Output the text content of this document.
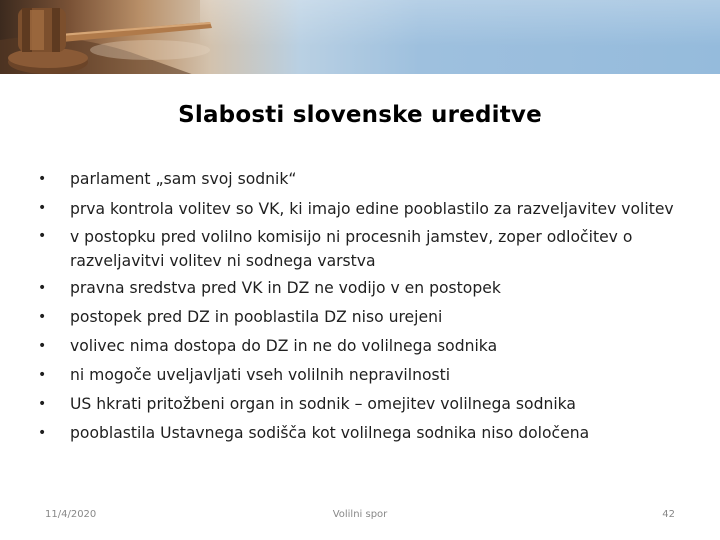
Slabosti slovenske ureditve
• parlament „sam svoj sodnik“
• prva kontrola volitev so VK, ki imajo edine pooblastilo za razveljavitev volitev
• v postopku pred volilno komisijo ni procesnih jamstev, zoper odločitev o razveljavitvi volitev ni sodnega varstva
• pravna sredstva pred VK in DZ ne vodijo v en postopek
• postopek pred DZ in pooblastila DZ niso urejeni
• volivec nima dostopa do DZ in ne do volilnega sodnika
• ni mogoče uveljavljati vseh volilnih nepravilnosti
• US hkrati pritožbeni organ in sodnik – omejitev volilnega sodnika
• pooblastila Ustavnega sodišča kot volilnega sodnika niso določena
11/4/2020	Volilni spor	42
